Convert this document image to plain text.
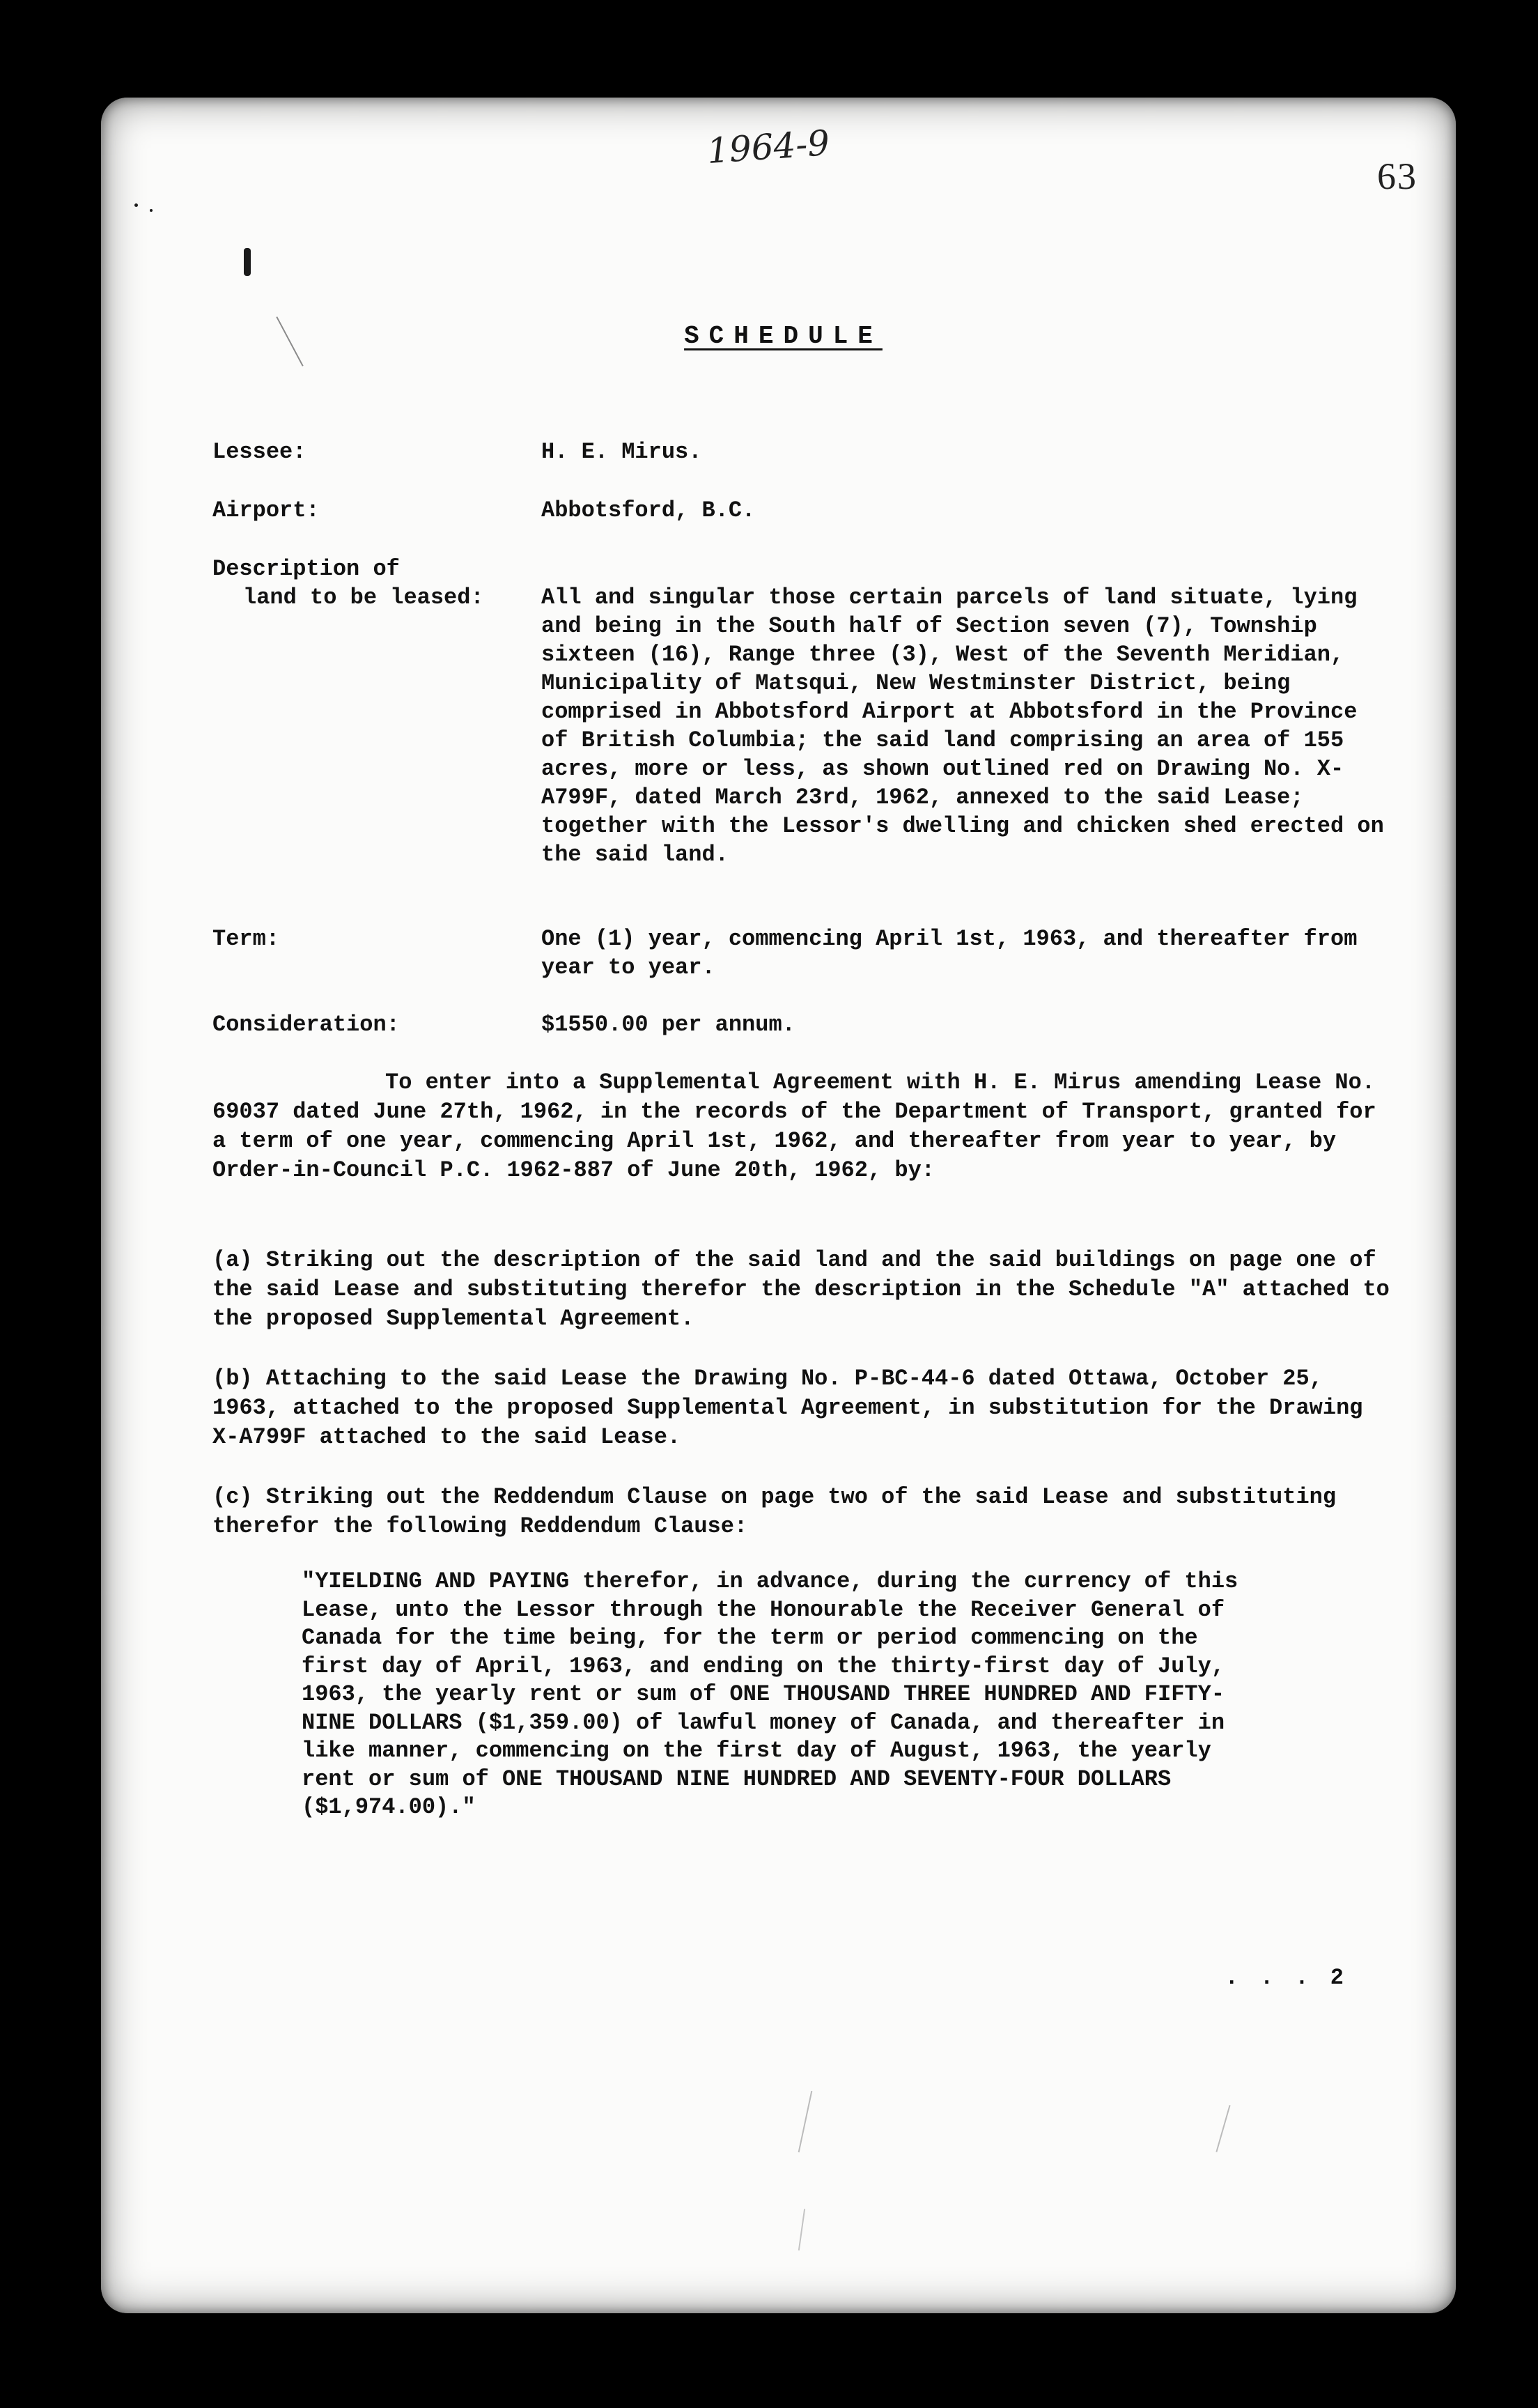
1964-9
63
SCHEDULE
Lessee:	H. E. Mirus.
Airport:	Abbotsford, B.C.
Description of
land to be leased:	All and singular those certain parcels of land situate, lying and being in the South half of Section seven (7), Township sixteen (16), Range three (3), West of the Seventh Meridian, Municipality of Matsqui, New Westminster District, being comprised in Abbotsford Airport at Abbotsford in the Province of British Columbia; the said land comprising an area of 155 acres, more or less, as shown outlined red on Drawing No. X-A799F, dated March 23rd, 1962, annexed to the said Lease; together with the Lessor's dwelling and chicken shed erected on the said land.
Term:	One (1) year, commencing April 1st, 1963, and thereafter from year to year.
Consideration:	$1550.00 per annum.
To enter into a Supplemental Agreement with H. E. Mirus amending Lease No. 69037 dated June 27th, 1962, in the records of the Department of Transport, granted for a term of one year, commencing April 1st, 1962, and thereafter from year to year, by Order-in-Council P.C. 1962-887 of June 20th, 1962, by:
(a) Striking out the description of the said land and the said buildings on page one of the said Lease and substituting therefor the description in the Schedule "A" attached to the proposed Supplemental Agreement.
(b) Attaching to the said Lease the Drawing No. P-BC-44-6 dated Ottawa, October 25, 1963, attached to the proposed Supplemental Agreement, in substitution for the Drawing X-A799F attached to the said Lease.
(c) Striking out the Reddendum Clause on page two of the said Lease and substituting therefor the following Reddendum Clause:
"YIELDING AND PAYING therefor, in advance, during the currency of this Lease, unto the Lessor through the Honourable the Receiver General of Canada for the time being, for the term or period commencing on the first day of April, 1963, and ending on the thirty-first day of July, 1963, the yearly rent or sum of ONE THOUSAND THREE HUNDRED AND FIFTY-NINE DOLLARS ($1,359.00) of lawful money of Canada, and thereafter in like manner, commencing on the first day of August, 1963, the yearly rent or sum of ONE THOUSAND NINE HUNDRED AND SEVENTY-FOUR DOLLARS ($1,974.00)."
. . . 2
